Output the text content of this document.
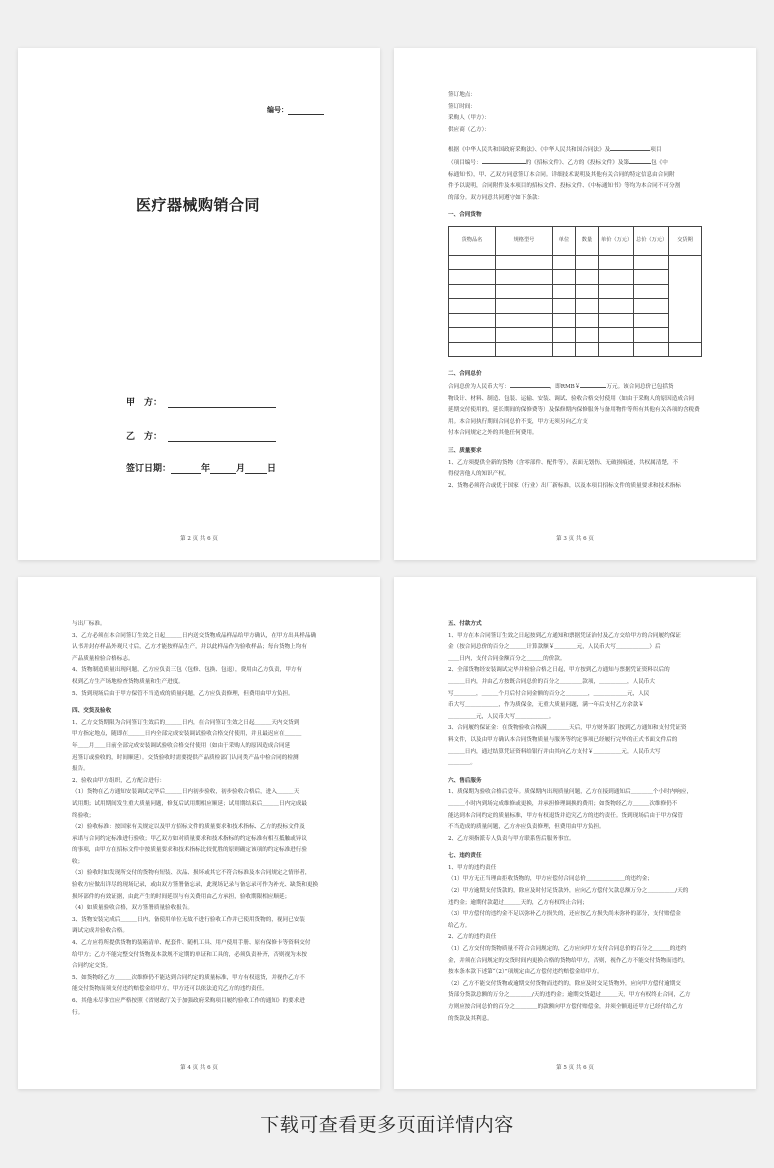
编号：
医疗器械购销合同
甲　方：
乙　方：
签订日期：	年	月 日
第 2 页 共 6 页

签订地点：

签订时间：

采购人（甲方）：

供应商（乙方）：

根据《中华人民共和国政府采购法》、《中华人民共和国合同法》及	项目

（项目编号：	的《招标文件》、乙方的《投标文件》及第	包《中

标通知书》，甲、乙双方同意签订本合同。详细技术说明及其他有关合同的特定信息由合同附

件予以说明，合同附件及本项目的招标文件、投标文件、《中标通知书》等均为本合同不可分割

的部分。双方同意共同遵守如下条款：

一、合同货物

货物品名	规格型号	单位	数量	单价（万元）	总价（万元）	交货期

二、合同总价

合同总价为人民币大写：	，即RMB￥	万元。该合同总价已包括货

物设计、材料、制造、包装、运输、安装、调试、验收合格交付使用（如由于采购人的原因造成合同

延期交付使用的，延长期间的保修费等）及保修期内保修服务与备用物件等所有其他有关各项的含税费用。本合同执行期间合同总价不变，甲方无须另向乙方支

付本合同规定之外的其他任何费用。

三、质量要求

1、乙方须提供全新的货物（含零部件、配件等），表面无划伤、无破损痕迹，共权属清楚，不

得侵害他人的知识产权。

2、货物必须符合或优于国家（行业）出厂新标准，以及本项目招标文件的质量要求和技术指标

第 3 页 共 6 页

与出厂标准。

3、乙方必须在本合同签订生效之日起＿＿＿日内送交货物成品样品给甲方确认，在甲方出具样品确

认书并封存样品外观尺寸后，乙方才能按样品生产，并以此样品作为验收样品；每台货物上均有

产品质量检验合格标志。

4、货物制造质量出现问题，乙方应负责三包（包修、包换、包退），费用由乙方负责，甲方有

权到乙方生产场地检查货物质量和生产进度。

5、货到现场后由于甲方保管不当造成的质量问题，乙方应负责修理，但费用由甲方负担。

四、交货及验收

1、乙方交货期限为合同签订生效后的＿＿＿日内，在合同签订生效之日起＿＿＿天内交货到

甲方指定地点，随即在＿＿＿日内全部完成安装调试验收合格交付使用，并且最迟应在＿＿＿

年＿＿月＿＿日前全部完成安装调试验收合格交付使用（如由于采购人的原因造成合同延

迟签订或验收的，时间顺延）。交货验收时需要提供产品质检部门认同类产品中检合同的检测

报告。

2、验收由甲方组织，乙方配合进行：

（1）货物在乙方通知安装调试完毕后＿＿＿日内初步验收，初步验收合格后，进入＿＿＿天

试用期；试用期间发生重大质量问题，修复后试用期相应顺延；试用期结束后＿＿＿日内完成最

终验收；

（2）验收标准：按国家有关规定以及甲方招标文件的质量要求和技术指标、乙方的投标文件及

承诺与合同约定标准进行验收；甲乙双方如对质量要求和技术指标的约定标准有相互抵触或异议

的事项，由甲方在招标文件中按质量要求和技术指标比较优胜的原则确定该项的约定标准进行验

收；

（3）验收时如发现所交付的货物有短装、次品、损坏或其它不符合标准及本合同规定之情形者，

验收方应做出详尽的现场记录，或由双方签署备忘录，此现场记录与备忘录可作为补充、缺货和更换

损坏部件的有效证据，由此产生的时间延误与有关费用由乙方承担，验收期限相应顺延；

（4）如质量验收合格，双方签署质量验收报告。

3、货物安装完成后＿＿＿日内，备使用单位无故不进行验收工作并已使用货物的，视同已安装

调试完成并验收合格。

4、乙方应将所提供货物的装箱清单、配套件、随机工具、用户使用手册、原有保修卡等资料交付

给甲方；乙方不能完整交付货物及本款规不定期的单证和工具的，必须负责补齐，否则视为未按

合同约定交货。

5、如货物经乙方＿＿＿次维修仍不能达到合同约定的质量标准，甲方有权退货，并视作乙方不

能交付货物而须支付违约赔偿金给甲方，甲方还可以依法追究乙方的违约责任。

6、其他未尽事宜应严格按照《省财政厅关于加强政府采购项目履约验收工作的通知》的要求进

行。

第 4 页 共 6 页

五、付款方式

1、甲方在本合同签订生效之日起按到乙方通知和票据凭证治付及乙方交给甲方的合同履约保证

金（按合同总价的百分之＿＿＿计算款额￥＿＿＿＿元，人民币大写＿＿＿＿＿＿）后

＿＿日内，支付合同金额百分之＿＿＿的价款。

2、全部货物经安装调试完毕并检验合格之日起，甲方按到乙方通知与票据凭证资料以后的

＿＿＿日内，并由乙方按既合同总价的百分之＿＿＿＿款项，＿＿＿＿＿，人民币大

写＿＿＿＿，＿＿＿个月后付合同金额的百分之＿＿＿＿，＿＿＿＿＿＿元，人民

币大写＿＿＿＿＿＿，作为质保金，无重大质量问题，满一年后支付乙方余款￥

＿＿＿＿＿元，人民币大写＿＿＿＿＿＿。

3、合同履约保证金：在货物验收合格满＿＿＿＿天后，甲方财务部门按到乙方通知和支付凭证资

料文件，以及由甲方确认本合同货物质量与服务等约定事项已经履行完毕的正式书面文件后的

＿＿＿日内，通过结算凭证资料给银行并由其向乙方支付￥＿＿＿＿＿元，人民币大写

＿＿＿＿。

六、售后服务

1、质保期为验收合格后壹年。质保期内出现质量问题，乙方在接到通知后＿＿＿＿个小时内响应，

＿＿＿小时内到场完成维修或更换，并承担修理调换的费用；如货物经乙方＿＿＿次维修仍不

能达到本合同约定的质量标准，甲方有权退货并追究乙方的违约责任。货到现场后由于甲方保管

不当造成的质量问题，乙方亦应负责修理，但费用由甲方负担。

2、乙方须指派专人负责与甲方联系售后服务事宜。

七、违约责任

1、甲方的违约责任

（1）甲方无正当理由拒收货物的，甲方应偿付合同总价＿＿＿＿＿＿＿的违约金；

（2）甲方逾期支付货款的，除应及时付足货款外，应向乙方偿付欠款总额万分之＿＿＿＿＿/天的

违约金；逾期付款超过＿＿＿天的，乙方有权终止合同；

（3）甲方偿付的违约金不足以弥补乙方损失的，还应按乙方损失尚未弥补的部分，支付赔偿金

给乙方。

2、乙方的违约责任

（1）乙方交付的货物质量不符合合同规定的，乙方应向甲方支付合同总价的百分之＿＿＿的违约

金，并须在合同规定的交货时间内更换合格的货物给甲方，否则，视作乙方不能交付货物而违约，

按本条本款下述第“（2）”项规定由乙方偿付违约赔偿金给甲方。

（2）乙方不能交付货物或逾期交付货物而违约的，除应及时交足货物外，应向甲方偿付逾期交

货部分货款总额的万分之＿＿＿＿/天的违约金；逾期交货超过＿＿＿天，甲方有权终止合同，乙方

方则应按合同总价的百分之＿＿＿＿的款额向甲方偿付赔偿金，并须全额退还甲方已经付给乙方

的货款及其利息。

第 5 页 共 6 页
下载可查看更多页面详情内容
